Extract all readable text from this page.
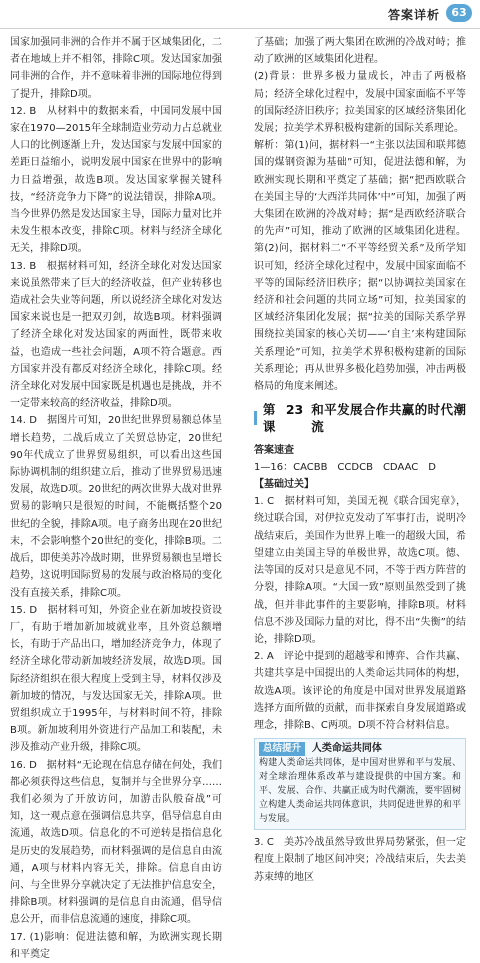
答案详析	63

国家加强同非洲的合作并不属于区域集团化，二者在地域上并不相邻，排除C项。发达国家加强同非洲的合作，并不意味着非洲的国际地位得到了提升，排除D项。

12. B　从材料中的数据来看，中国同发展中国家在1970—2015年全球制造业劳动力占总就业人口的比例逐渐上升，发达国家与发展中国家的差距日益缩小，说明发展中国家在世界中的影响力日益增强，故选B项。发达国家掌握关键科技，“经济竞争力下降”的说法错误，排除A项。当今世界仍然是发达国家主导，国际力量对比并未发生根本改变，排除C项。材料与经济全球化无关，排除D项。

13. B　根据材料可知，经济全球化对发达国家来说虽然带来了巨大的经济收益，但产业转移也造成社会失业等问题，所以说经济全球化对发达国家来说也是一把双刃剑，故选B项。材料强调了经济全球化对发达国家的两面性，既带来收益，也造成一些社会问题，A项不符合题意。西方国家并没有都反对经济全球化，排除C项。经济全球化对发展中国家既是机遇也是挑战，并不一定带来较高的经济收益，排除D项。

14. D　据图片可知，20世纪世界贸易额总体呈增长趋势，二战后成立了关贸总协定，20世纪90年代成立了世界贸易组织，可以看出这些国际协调机制的组织建立后，推动了世界贸易迅速发展，故选D项。20世纪的两次世界大战对世界贸易的影响只是很短的时间，不能概括整个20世纪的全貌，排除A项。电子商务出现在20世纪末，不会影响整个20世纪的变化，排除B项。二战后，即使美苏冷战时期，世界贸易额也呈增长趋势，这说明国际贸易的发展与政治格局的变化没有直接关系，排除C项。

15. D　据材料可知，外资企业在新加坡投资设厂，有助于增加新加坡就业率，且外资总额增长，有助于产品出口，增加经济竞争力，体现了经济全球化带动新加坡经济发展，故选D项。国际经济组织在很大程度上受到主导，材料仅涉及新加坡的情况，与发达国家无关，排除A项。世贸组织成立于1995年，与材料时间不符，排除B项。新加坡利用外资进行产品加工和装配，未涉及推动产业升级，排除C项。

16. D　据材料“无论现在信息存储在何处，我们都必须获得这些信息，复制并与全世界分享……我们必须为了开放访问，加游击队般奋战”可知，这一观点意在强调信息共享，倡导信息自由流通，故选D项。信息化的不可逆转是指信息化是历史的发展趋势，而材料强调的是信息自由流通，A项与材料内容无关，排除。信息自由访问、与全世界分享就决定了无法推护信息安全，排除B项。材料强调的是信息自由流通，倡导信息公开，而非信息流通的速度，排除C项。

17. (1)影响：促进法德和解，为欧洲实现长期和平奠定

了基础；加强了两大集团在欧洲的冷战对峙；推动了欧洲的区域集团化进程。

(2)背景：世界多极力量成长，冲击了两极格局；经济全球化过程中，发展中国家面临不平等的国际经济旧秩序；拉美国家的区域经济集团化发展；拉美学术界积极构建新的国际关系理论。

解析：第(1)问，据材料一“主张以法国和联邦德国的煤钢资源为基础”可知，促进法德和解，为欧洲实现长期和平奠定了基础；据“把西欧联合在美国主导的‘大西洋共同体’中”可知，加强了两大集团在欧洲的冷战对峙；据“是西欧经济联合的先声”可知，推动了欧洲的区域集团化进程。第(2)问，据材料二“不平等经贸关系”及所学知识可知，经济全球化过程中，发展中国家面临不平等的国际经济旧秩序；据“以协调拉美国家在经济和社会问题的共同立场”可知，拉美国家的区域经济集团化发展；据“拉美的国际关系学界围绕拉美国家的核心关切——‘自主’来构建国际关系理论”可知，拉美学术界积极构建新的国际关系理论；再从世界多极化趋势加强，冲击两极格局的角度来阐述。

第23课
和平发展合作共赢的时代潮流

答案速查

1—16：CACBB　CCDCB　CDAAC　D

【基础过关】

1. C　据材料可知，美国无视《联合国宪章》，绕过联合国，对伊拉克发动了军事打击，说明冷战结束后，美国作为世界上唯一的超级大国，希望建立由美国主导的单极世界，故选C项。德、法等国的反对只是意见不同，不等于西方阵营的分裂，排除A项。“大国一致”原则虽然受到了挑战，但并非此事件的主要影响，排除B项。材料信息不涉及国际力量的对比，得不出“失衡”的结论，排除D项。

2. A　评论中提到的超越零和博弈、合作共赢、共建共享是中国提出的人类命运共同体的构想，故选A项。该评论的角度是中国对世界发展道路选择方面所做的贡献，而非探索自身发展道路或理念，排除B、C两项。D项不符合材料信息。

总结提升 人类命运共同体
构建人类命运共同体，是中国对世界和平与发展、对全球治理体系改革与建设提供的中国方案。和平、发展、合作、共赢正成为时代潮流，要牢固树立构建人类命运共同体意识，共同促进世界的和平与发展。

3. C　美苏冷战虽然导致世界局势紧张，但一定程度上限制了地区间冲突；冷战结束后，失去美苏束缚的地区
